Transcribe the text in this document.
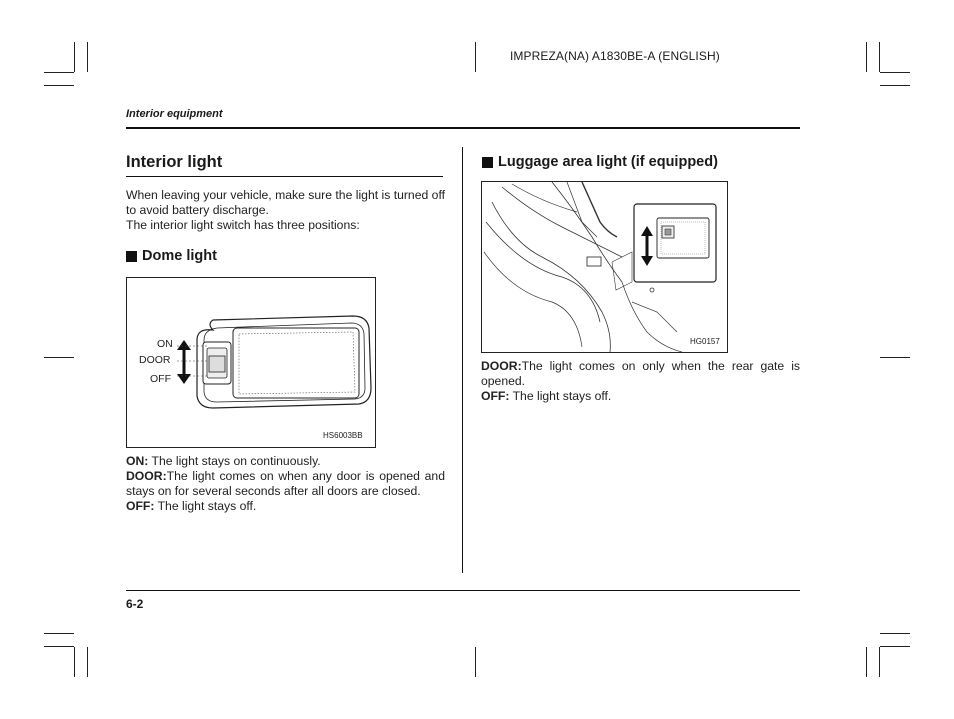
IMPREZA(NA) A1830BE-A (ENGLISH)
Interior equipment
Interior light
When leaving your vehicle, make sure the light is turned off to avoid battery discharge.
The interior light switch has three positions:
Dome light
ON
DOOR
OFF
HS6003BB
ON: The light stays on continuously.
DOOR:The light comes on when any door is opened and stays on for several seconds after all doors are closed.
OFF: The light stays off.
Luggage area light (if equipped)
HG0157
DOOR:The light comes on only when the rear gate is opened.
OFF: The light stays off.
6-2
